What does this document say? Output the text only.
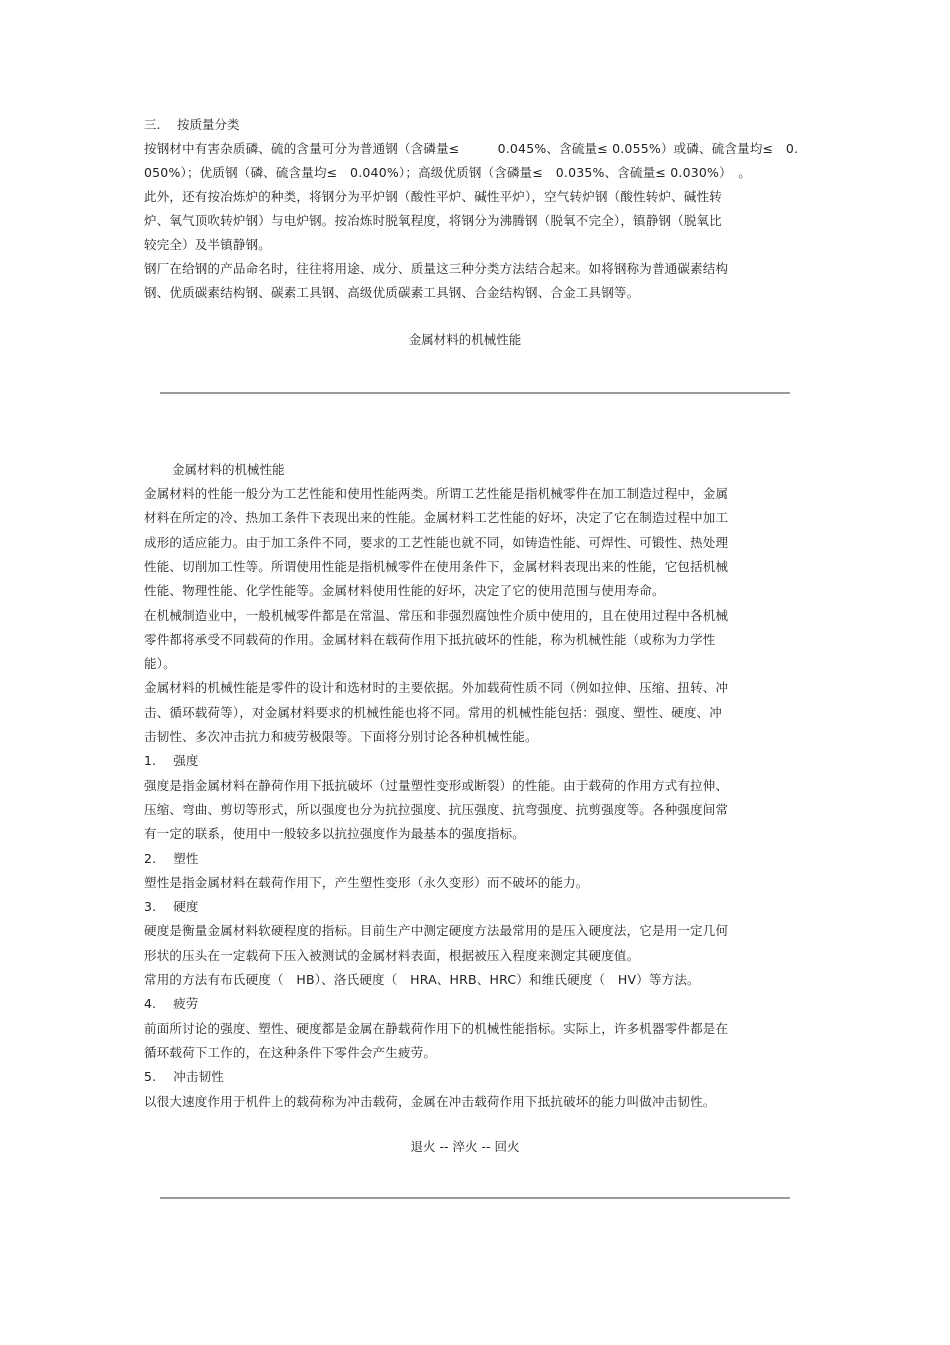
三.　 按质量分类
按钢材中有害杂质磷、硫的含量可分为普通钢（含磷量≤　　　0.045%、含硫量≤ 0.055%）或磷、硫含量均≤　0.
050%）；优质钢（磷、硫含量均≤　0.040%）；高级优质钢（含磷量≤　0.035%、含硫量≤ 0.030%）　。
此外，还有按冶炼炉的种类，将钢分为平炉钢（酸性平炉、碱性平炉），空气转炉钢（酸性转炉、碱性转
炉、氧气顶吹转炉钢）与电炉钢。按冶炼时脱氧程度，将钢分为沸腾钢（脱氧不完全），镇静钢（脱氧比
较完全）及半镇静钢。
钢厂在给钢的产品命名时，往往将用途、成分、质量这三种分类方法结合起来。如将钢称为普通碳素结构
钢、优质碳素结构钢、碳素工具钢、高级优质碳素工具钢、合金结构钢、合金工具钢等。
金属材料的机械性能
金属材料的机械性能
金属材料的性能一般分为工艺性能和使用性能两类。所谓工艺性能是指机械零件在加工制造过程中，金属
材料在所定的冷、热加工条件下表现出来的性能。金属材料工艺性能的好坏，决定了它在制造过程中加工
成形的适应能力。由于加工条件不同，要求的工艺性能也就不同，如铸造性能、可焊性、可锻性、热处理
性能、切削加工性等。所谓使用性能是指机械零件在使用条件下，金属材料表现出来的性能，它包括机械
性能、物理性能、化学性能等。金属材料使用性能的好坏，决定了它的使用范围与使用寿命。
在机械制造业中，一般机械零件都是在常温、常压和非强烈腐蚀性介质中使用的，且在使用过程中各机械
零件都将承受不同载荷的作用。金属材料在载荷作用下抵抗破坏的性能，称为机械性能（或称为力学性
能）。
金属材料的机械性能是零件的设计和选材时的主要依据。外加载荷性质不同（例如拉伸、压缩、扭转、冲
击、循环载荷等），对金属材料要求的机械性能也将不同。常用的机械性能包括：强度、塑性、硬度、冲
击韧性、多次冲击抗力和疲劳极限等。下面将分别讨论各种机械性能。
1.　 强度
强度是指金属材料在静荷作用下抵抗破坏（过量塑性变形或断裂）的性能。由于载荷的作用方式有拉伸、
压缩、弯曲、剪切等形式，所以强度也分为抗拉强度、抗压强度、抗弯强度、抗剪强度等。各种强度间常
有一定的联系，使用中一般较多以抗拉强度作为最基本的强度指标。
2.　 塑性
塑性是指金属材料在载荷作用下，产生塑性变形（永久变形）而不破坏的能力。
3.　 硬度
硬度是衡量金属材料软硬程度的指标。目前生产中测定硬度方法最常用的是压入硬度法，它是用一定几何
形状的压头在一定载荷下压入被测试的金属材料表面，根据被压入程度来测定其硬度值。
常用的方法有布氏硬度（　HB）、洛氏硬度（　HRA、HRB、HRC）和维氏硬度（　HV）等方法。
4.　 疲劳
前面所讨论的强度、塑性、硬度都是金属在静载荷作用下的机械性能指标。实际上，许多机器零件都是在
循环载荷下工作的，在这种条件下零件会产生疲劳。
5.　 冲击韧性
以很大速度作用于机件上的载荷称为冲击载荷，金属在冲击载荷作用下抵抗破坏的能力叫做冲击韧性。
退火 -- 淬火 -- 回火
